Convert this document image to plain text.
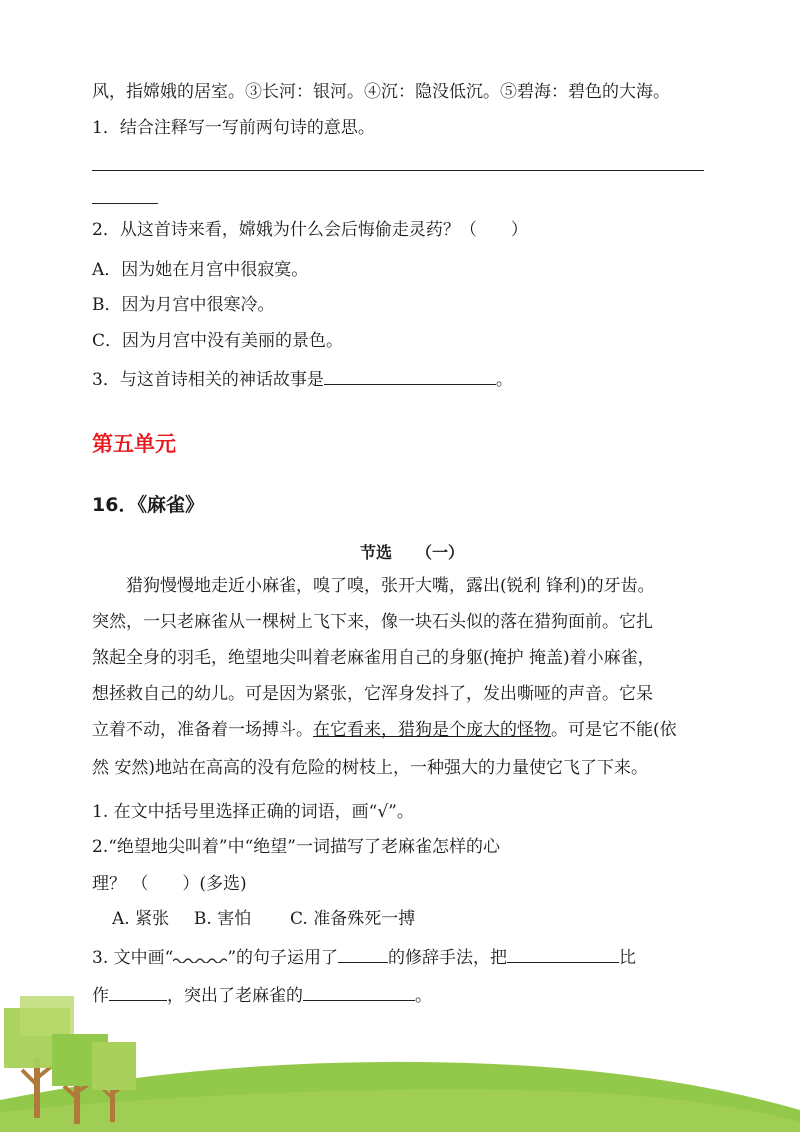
风，指嫦娥的居室。③长河：银河。④沉：隐没低沉。⑤碧海：碧色的大海。
1．结合注释写一写前两句诗的意思。
2．从这首诗来看，嫦娥为什么会后悔偷走灵药？（　　）
A．因为她在月宫中很寂寞。
B．因为月宫中很寒冷。
C．因为月宫中没有美丽的景色。
3．与这首诗相关的神话故事是	。
第五单元
16．《麻雀》
节选　　（一）
　　猎狗慢慢地走近小麻雀，嗅了嗅，张开大嘴，露出(锐利 锋利)的牙齿。
突然，一只老麻雀从一棵树上飞下来，像一块石头似的落在猎狗面前。它扎
煞起全身的羽毛，绝望地尖叫着老麻雀用自己的身躯(掩护 掩盖)着小麻雀，
想拯救自己的幼儿。可是因为紧张，它浑身发抖了，发出嘶哑的声音。它呆
立着不动，准备着一场搏斗。在它看来，猎狗是个庞大的怪物。可是它不能(依
然 安然)地站在高高的没有危险的树枝上，一种强大的力量使它飞了下来。
1. 在文中括号里选择正确的词语，画“√”。
2.“绝望地尖叫着”中“绝望”一词描写了老麻雀怎样的心
理？ （　　）(多选)
A. 紧张 B. 害怕 C. 准备殊死一搏
3. 文中画“	”的句子运用了	的修辞手法，把	比
作	，突出了老麻雀的	。
